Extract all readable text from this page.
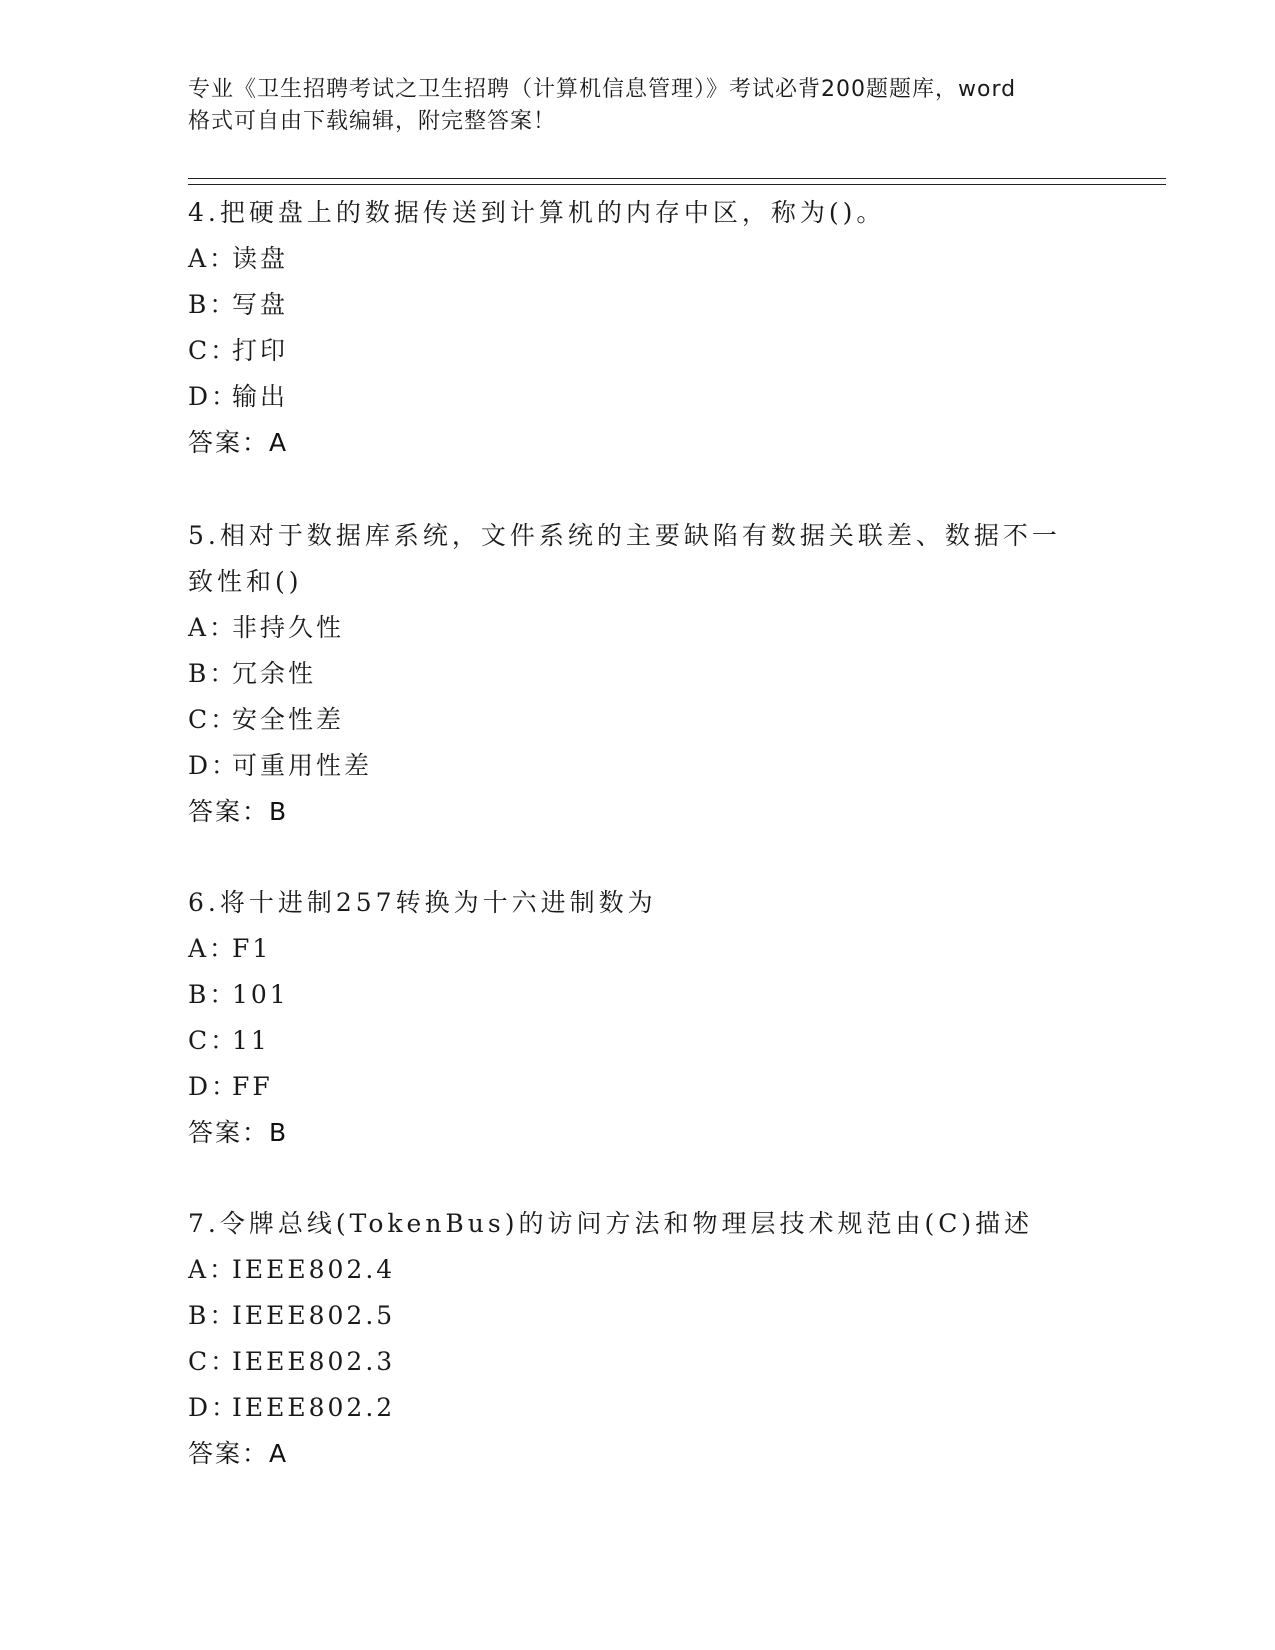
专业《卫生招聘考试之卫生招聘（计算机信息管理）》考试必背200题题库，word
格式可自由下载编辑，附完整答案！
4.把硬盘上的数据传送到计算机的内存中区，称为()。
A：读盘
B：写盘
C：打印
D：输出
答案：A
5.相对于数据库系统，文件系统的主要缺陷有数据关联差、数据不一
致性和()
A：非持久性
B：冗余性
C：安全性差
D：可重用性差
答案：B
6.将十进制257转换为十六进制数为
A：F1
B：101
C：11
D：FF
答案：B
7.令牌总线(TokenBus)的访问方法和物理层技术规范由(C)描述
A：IEEE802.4
B：IEEE802.5
C：IEEE802.3
D：IEEE802.2
答案：A
